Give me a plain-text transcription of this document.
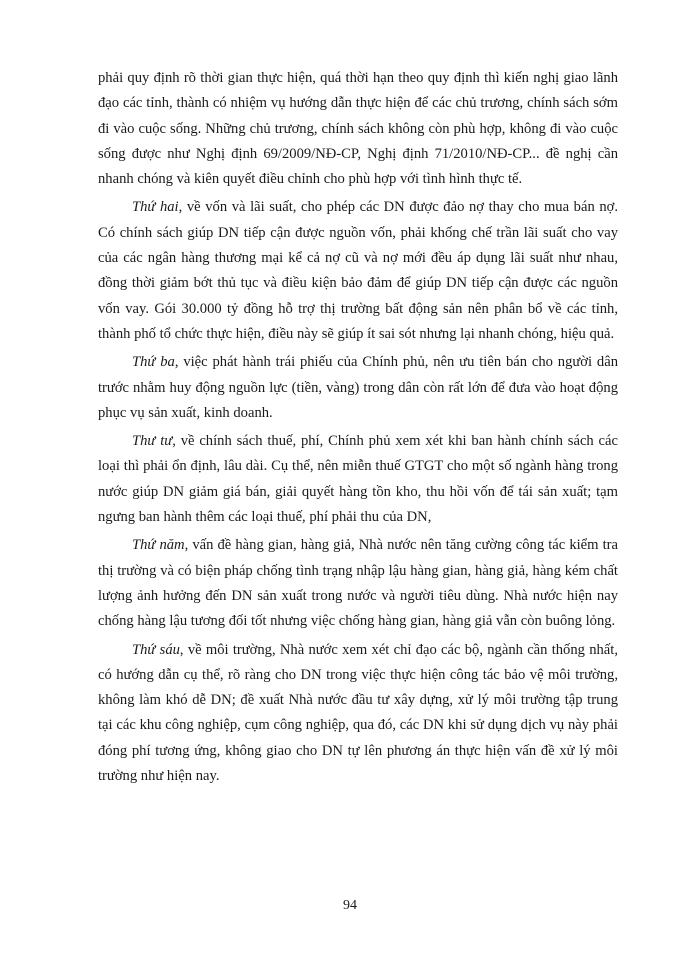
phải quy định rõ thời gian thực hiện, quá thời hạn theo quy định thì kiến nghị giao lãnh đạo các tỉnh, thành có nhiệm vụ hướng dẫn thực hiện để các chủ trương, chính sách sớm đi vào cuộc sống. Những chủ trương, chính sách không còn phù hợp, không đi vào cuộc sống được như Nghị định 69/2009/NĐ-CP, Nghị định 71/2010/NĐ-CP... đề nghị cần nhanh chóng và kiên quyết điều chỉnh cho phù hợp với tình hình thực tế.

Thứ hai, về vốn và lãi suất, cho phép các DN được đảo nợ thay cho mua bán nợ. Có chính sách giúp DN tiếp cận được nguồn vốn, phải khống chế trần lãi suất cho vay của các ngân hàng thương mại kể cả nợ cũ và nợ mới đều áp dụng lãi suất như nhau, đồng thời giảm bớt thủ tục và điều kiện bảo đảm để giúp DN tiếp cận được các nguồn vốn vay. Gói 30.000 tỷ đồng hỗ trợ thị trường bất động sản nên phân bổ về các tỉnh, thành phố tổ chức thực hiện, điều này sẽ giúp ít sai sót nhưng lại nhanh chóng, hiệu quả.

Thứ ba, việc phát hành trái phiếu của Chính phủ, nên ưu tiên bán cho người dân trước nhằm huy động nguồn lực (tiền, vàng) trong dân còn rất lớn để đưa vào hoạt động phục vụ sản xuất, kinh doanh.

Thư tư, về chính sách thuế, phí, Chính phủ xem xét khi ban hành chính sách các loại thì phải ổn định, lâu dài. Cụ thể, nên miễn thuế GTGT cho một số ngành hàng trong nước giúp DN giảm giá bán, giải quyết hàng tồn kho, thu hồi vốn để tái sản xuất; tạm ngưng ban hành thêm các loại thuế, phí phải thu của DN,

Thứ năm, vấn đề hàng gian, hàng giả, Nhà nước nên tăng cường công tác kiểm tra thị trường và có biện pháp chống tình trạng nhập lậu hàng gian, hàng giả, hàng kém chất lượng ảnh hưởng đến DN sản xuất trong nước và người tiêu dùng. Nhà nước hiện nay chống hàng lậu tương đối tốt nhưng việc chống hàng gian, hàng giả vẫn còn buông lỏng.

Thứ sáu, về môi trường, Nhà nước xem xét chỉ đạo các bộ, ngành cần thống nhất, có hướng dẫn cụ thể, rõ ràng cho DN trong việc thực hiện công tác bảo vệ môi trường, không làm khó dễ DN; đề xuất Nhà nước đầu tư xây dựng, xử lý môi trường tập trung tại các khu công nghiệp, cụm công nghiệp, qua đó, các DN khi sử dụng dịch vụ này phải đóng phí tương ứng, không giao cho DN tự lên phương án thực hiện vấn đề xử lý môi trường như hiện nay.

94
